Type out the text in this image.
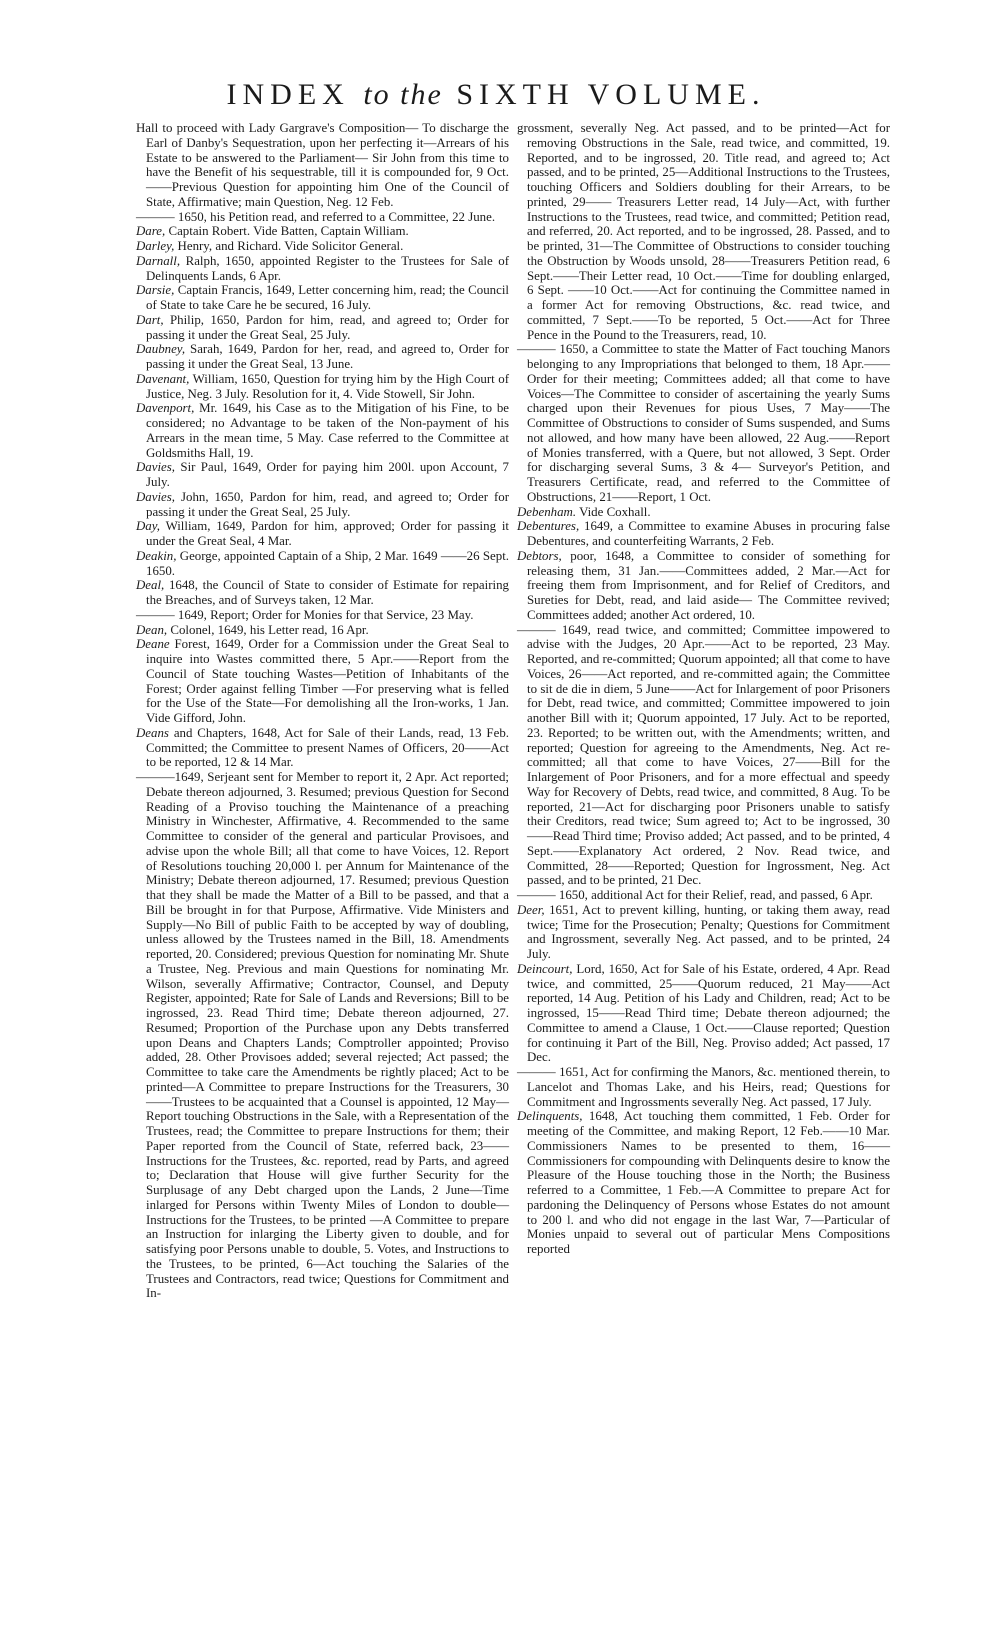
INDEX to the SIXTH VOLUME.

Hall to proceed with Lady Gargrave's Composition— To discharge the Earl of Danby's Sequestration, upon her perfecting it—Arrears of his Estate to be answered to the Parliament— Sir John from this time to have the Benefit of his sequestrable, till it is compounded for, 9 Oct.——Previous Question for appointing him One of the Council of State, Affirmative; main Question, Neg. 12 Feb.

——— 1650, his Petition read, and referred to a Committee, 22 June.

Dare, Captain Robert. Vide Batten, Captain William.

Darley, Henry, and Richard. Vide Solicitor General.

Darnall, Ralph, 1650, appointed Register to the Trustees for Sale of Delinquents Lands, 6 Apr.

Darsie, Captain Francis, 1649, Letter concerning him, read; the Council of State to take Care he be secured, 16 July.

Dart, Philip, 1650, Pardon for him, read, and agreed to; Order for passing it under the Great Seal, 25 July.

Daubney, Sarah, 1649, Pardon for her, read, and agreed to, Order for passing it under the Great Seal, 13 June.

Davenant, William, 1650, Question for trying him by the High Court of Justice, Neg. 3 July. Resolution for it, 4. Vide Stowell, Sir John.

Davenport, Mr. 1649, his Case as to the Mitigation of his Fine, to be considered; no Advantage to be taken of the Non-payment of his Arrears in the mean time, 5 May. Case referred to the Committee at Goldsmiths Hall, 19.

Davies, Sir Paul, 1649, Order for paying him 200l. upon Account, 7 July.

Davies, John, 1650, Pardon for him, read, and agreed to; Order for passing it under the Great Seal, 25 July.

Day, William, 1649, Pardon for him, approved; Order for passing it under the Great Seal, 4 Mar.

Deakin, George, appointed Captain of a Ship, 2 Mar. 1649 ——26 Sept. 1650.

Deal, 1648, the Council of State to consider of Estimate for repairing the Breaches, and of Surveys taken, 12 Mar.

——— 1649, Report; Order for Monies for that Service, 23 May.

Dean, Colonel, 1649, his Letter read, 16 Apr.

Deane Forest, 1649, Order for a Commission under the Great Seal to inquire into Wastes committed there, 5 Apr.——Report from the Council of State touching Wastes—Petition of Inhabitants of the Forest; Order against felling Timber —For preserving what is felled for the Use of the State—For demolishing all the Iron-works, 1 Jan. Vide Gifford, John.

Deans and Chapters, 1648, Act for Sale of their Lands, read, 13 Feb. Committed; the Committee to present Names of Officers, 20——Act to be reported, 12 & 14 Mar.

———1649, Serjeant sent for Member to report it, 2 Apr. Act reported; Debate thereon adjourned, 3. Resumed; previous Question for Second Reading of a Proviso touching the Maintenance of a preaching Ministry in Winchester, Affirmative, 4. Recommended to the same Committee to consider of the general and particular Provisoes, and advise upon the whole Bill; all that come to have Voices, 12. Report of Resolutions touching 20,000 l. per Annum for Maintenance of the Ministry; Debate thereon adjourned, 17. Resumed; previous Question that they shall be made the Matter of a Bill to be passed, and that a Bill be brought in for that Purpose, Affirmative. Vide Ministers and Supply—No Bill of public Faith to be accepted by way of doubling, unless allowed by the Trustees named in the Bill, 18. Amendments reported, 20. Considered; previous Question for nominating Mr. Shute a Trustee, Neg. Previous and main Questions for nominating Mr. Wilson, severally Affirmative; Contractor, Counsel, and Deputy Register, appointed; Rate for Sale of Lands and Reversions; Bill to be ingrossed, 23. Read Third time; Debate thereon adjourned, 27. Resumed; Proportion of the Purchase upon any Debts transferred upon Deans and Chapters Lands; Comptroller appointed; Proviso added, 28. Other Provisoes added; several rejected; Act passed; the Committee to take care the Amendments be rightly placed; Act to be printed—A Committee to prepare Instructions for the Treasurers, 30——Trustees to be acquainted that a Counsel is appointed, 12 May—Report touching Obstructions in the Sale, with a Representation of the Trustees, read; the Committee to prepare Instructions for them; their Paper reported from the Council of State, referred back, 23——Instructions for the Trustees, &c. reported, read by Parts, and agreed to; Declaration that House will give further Security for the Surplusage of any Debt charged upon the Lands, 2 June—Time inlarged for Persons within Twenty Miles of London to double—Instructions for the Trustees, to be printed —A Committee to prepare an Instruction for inlarging the Liberty given to double, and for satisfying poor Persons unable to double, 5. Votes, and Instructions to the Trustees, to be printed, 6—Act touching the Salaries of the Trustees and Contractors, read twice; Questions for Commitment and In-

grossment, severally Neg. Act passed, and to be printed—Act for removing Obstructions in the Sale, read twice, and committed, 19. Reported, and to be ingrossed, 20. Title read, and agreed to; Act passed, and to be printed, 25—Additional Instructions to the Trustees, touching Officers and Soldiers doubling for their Arrears, to be printed, 29—— Treasurers Letter read, 14 July—Act, with further Instructions to the Trustees, read twice, and committed; Petition read, and referred, 20. Act reported, and to be ingrossed, 28. Passed, and to be printed, 31—The Committee of Obstructions to consider touching the Obstruction by Woods unsold, 28——Treasurers Petition read, 6 Sept.——Their Letter read, 10 Oct.——Time for doubling enlarged, 6 Sept. ——10 Oct.——Act for continuing the Committee named in a former Act for removing Obstructions, &c. read twice, and committed, 7 Sept.——To be reported, 5 Oct.——Act for Three Pence in the Pound to the Treasurers, read, 10.

——— 1650, a Committee to state the Matter of Fact touching Manors belonging to any Impropriations that belonged to them, 18 Apr.——Order for their meeting; Committees added; all that come to have Voices—The Committee to consider of ascertaining the yearly Sums charged upon their Revenues for pious Uses, 7 May——The Committee of Obstructions to consider of Sums suspended, and Sums not allowed, and how many have been allowed, 22 Aug.——Report of Monies transferred, with a Quere, but not allowed, 3 Sept. Order for discharging several Sums, 3 & 4— Surveyor's Petition, and Treasurers Certificate, read, and referred to the Committee of Obstructions, 21——Report, 1 Oct.

Debenham. Vide Coxhall.

Debentures, 1649, a Committee to examine Abuses in procuring false Debentures, and counterfeiting Warrants, 2 Feb.

Debtors, poor, 1648, a Committee to consider of something for releasing them, 31 Jan.——Committees added, 2 Mar.—Act for freeing them from Imprisonment, and for Relief of Creditors, and Sureties for Debt, read, and laid aside— The Committee revived; Committees added; another Act ordered, 10.

——— 1649, read twice, and committed; Committee impowered to advise with the Judges, 20 Apr.——Act to be reported, 23 May. Reported, and re-committed; Quorum appointed; all that come to have Voices, 26——Act reported, and re-committed again; the Committee to sit de die in diem, 5 June——Act for Inlargement of poor Prisoners for Debt, read twice, and committed; Committee impowered to join another Bill with it; Quorum appointed, 17 July. Act to be reported, 23. Reported; to be written out, with the Amendments; written, and reported; Question for agreeing to the Amendments, Neg. Act re-committed; all that come to have Voices, 27——Bill for the Inlargement of Poor Prisoners, and for a more effectual and speedy Way for Recovery of Debts, read twice, and committed, 8 Aug. To be reported, 21—Act for discharging poor Prisoners unable to satisfy their Creditors, read twice; Sum agreed to; Act to be ingrossed, 30——Read Third time; Proviso added; Act passed, and to be printed, 4 Sept.——Explanatory Act ordered, 2 Nov. Read twice, and Committed, 28——Reported; Question for Ingrossment, Neg. Act passed, and to be printed, 21 Dec.

——— 1650, additional Act for their Relief, read, and passed, 6 Apr.

Deer, 1651, Act to prevent killing, hunting, or taking them away, read twice; Time for the Prosecution; Penalty; Questions for Commitment and Ingrossment, severally Neg. Act passed, and to be printed, 24 July.

Deincourt, Lord, 1650, Act for Sale of his Estate, ordered, 4 Apr. Read twice, and committed, 25——Quorum reduced, 21 May——Act reported, 14 Aug. Petition of his Lady and Children, read; Act to be ingrossed, 15——Read Third time; Debate thereon adjourned; the Committee to amend a Clause, 1 Oct.——Clause reported; Question for continuing it Part of the Bill, Neg. Proviso added; Act passed, 17 Dec.

——— 1651, Act for confirming the Manors, &c. mentioned therein, to Lancelot and Thomas Lake, and his Heirs, read; Questions for Commitment and Ingrossments severally Neg. Act passed, 17 July.

Delinquents, 1648, Act touching them committed, 1 Feb. Order for meeting of the Committee, and making Report, 12 Feb.——10 Mar. Commissioners Names to be presented to them, 16——Commissioners for compounding with Delinquents desire to know the Pleasure of the House touching those in the North; the Business referred to a Committee, 1 Feb.—A Committee to prepare Act for pardoning the Delinquency of Persons whose Estates do not amount to 200 l. and who did not engage in the last War, 7—Particular of Monies unpaid to several out of particular Mens Compositions reported
